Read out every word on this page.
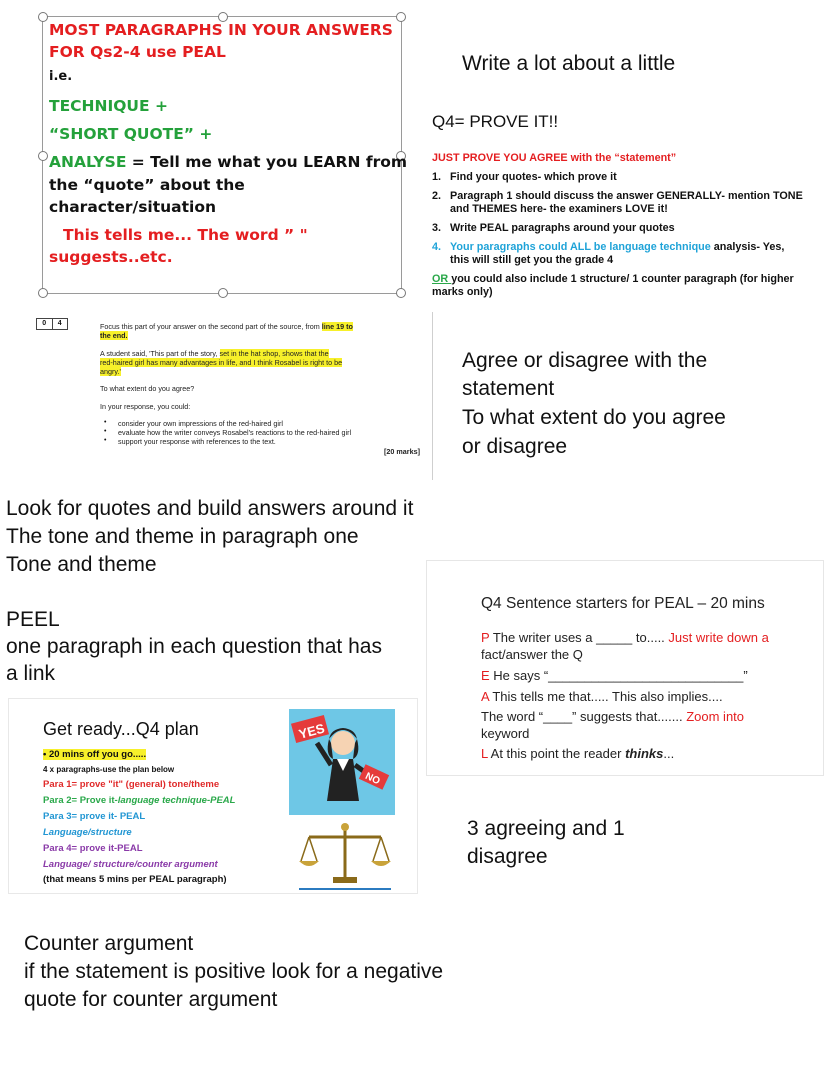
MOST PARAGRAPHS IN YOUR ANSWERS
FOR Qs2-4 use PEAL
i.e.
TECHNIQUE +
“SHORT QUOTE” +
ANALYSE = Tell me what you LEARN from
the “quote” about the
character/situation
This tells me... The word ” "
suggests..etc.
Write a lot about a little
Agree or disagree with the
statement
To what extent do you agree
or disagree
Look for quotes and build answers around it
The tone and theme in paragraph one
Tone and theme
PEEL
one paragraph in each question that has
a link
3 agreeing and 1
disagree
Counter argument
if the statement is positive look for a negative
quote for counter argument
Q4= PROVE IT!!
JUST PROVE YOU AGREE with the “statement”
1. Find your quotes- which prove it
2. Paragraph 1 should discuss the answer GENERALLY- mention TONE
and THEMES here- the examiners LOVE it!
3. Write PEAL paragraphs around your quotes
4. Your paragraphs could ALL be language technique analysis- Yes,
this will still get you the grade 4
OR you could also include 1 structure/ 1 counter paragraph (for higher
marks only)
0	4	Focus this part of your answer on the second part of the source, from line 19 to
the end.
A student said, 'This part of the story, set in the hat shop, shows that the
red-haired girl has many advantages in life, and I think Rosabel is right to be
angry.'
To what extent do you agree?
In your response, you could:
• consider your own impressions of the red-haired girl
• evaluate how the writer conveys Rosabel's reactions to the red-haired girl
• support your response with references to the text.
[20 marks]
Q4 Sentence starters for PEAL – 20 mins
P The writer uses a _____ to..... Just write down a
fact/answer the Q
E He says “___________________________”
A This tells me that..... This also implies....
The word “____” suggests that....... Zoom into
keyword
L At this point the reader thinks...
Get ready...Q4 plan
• 20 mins off you go.....
4 x paragraphs-use the plan below
Para 1= prove "it" (general) tone/theme
Para 2= Prove it-language technique-PEAL
Para 3= prove it- PEAL
Language/structure
Para 4= prove it-PEAL
Language/ structure/counter argument
(that means 5 mins per PEAL paragraph)
YES
NO
